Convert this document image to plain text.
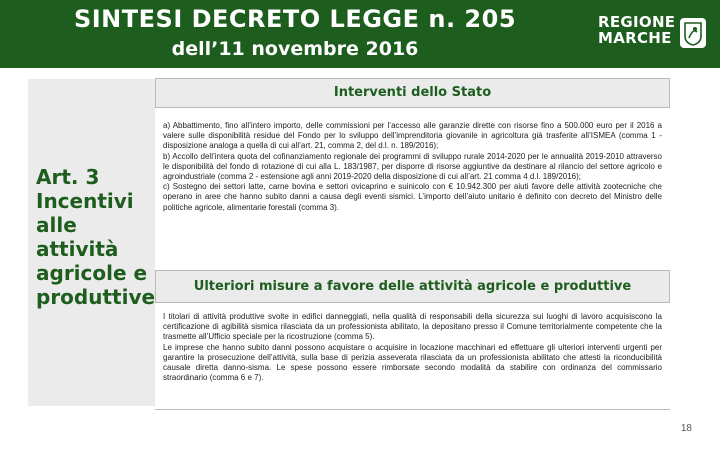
SINTESI DECRETO LEGGE n. 205
dell’11 novembre 2016
REGIONE
MARCHE
Art. 3
Incentivi alle
attività
agricole e
produttive
Interventi dello Stato

a) Abbattimento, fino all’intero importo, delle commissioni per l’accesso alle garanzie dirette con risorse fino a 500.000 euro per il 2016 a valere sulle disponibilità residue del Fondo per lo sviluppo dell’imprenditoria giovanile in agricoltura già trasferite all’ISMEA (comma 1 - disposizione analoga a quella di cui all’art. 21, comma 2, del d.l. n. 189/2016);

b) Accollo dell’intera quota del cofinanziamento regionale dei programmi di sviluppo rurale 2014-2020 per le annualità 2019-2010 attraverso le disponibilità del fondo di rotazione di cui alla L. 183/1987, per disporre di risorse aggiuntive da destinare al rilancio del settore agricolo e agroindustriale (comma 2 - estensione agli anni 2019-2020 della disposizione di cui all’art. 21 comma 4 d.l. 189/2016);

c) Sostegno dei settori latte, carne bovina e settori ovicaprino e suinicolo con € 10.942.300 per aiuti favore delle attività zootecniche che operano in aree che hanno subito danni a causa degli eventi sismici. L’importo dell’aiuto unitario è definito con decreto del Ministro delle politiche agricole, alimentarie forestali (comma 3).

Ulteriori misure a favore delle attività agricole e produttive

I titolari di attività produttive svolte in edifici danneggiati, nella qualità di responsabili della sicurezza sui luoghi di lavoro acquisiscono la certificazione di agibilità sismica rilasciata da un professionista abilitato, la depositano presso il Comune territorialmente competente che la trasmette all’Ufficio speciale per la ricostruzione (comma 5).

Le imprese che hanno subito danni possono acquistare o acquisire in locazione macchinari ed effettuare gli ulteriori interventi urgenti per garantire la prosecuzione dell’attività, sulla base di perizia asseverata rilasciata da un professionista abilitato che attesti la riconducibilità causale diretta danno-sisma. Le spese possono essere rimborsate secondo modalità da stabilire con ordinanza del commissario straordinario (comma 6 e 7).

18
